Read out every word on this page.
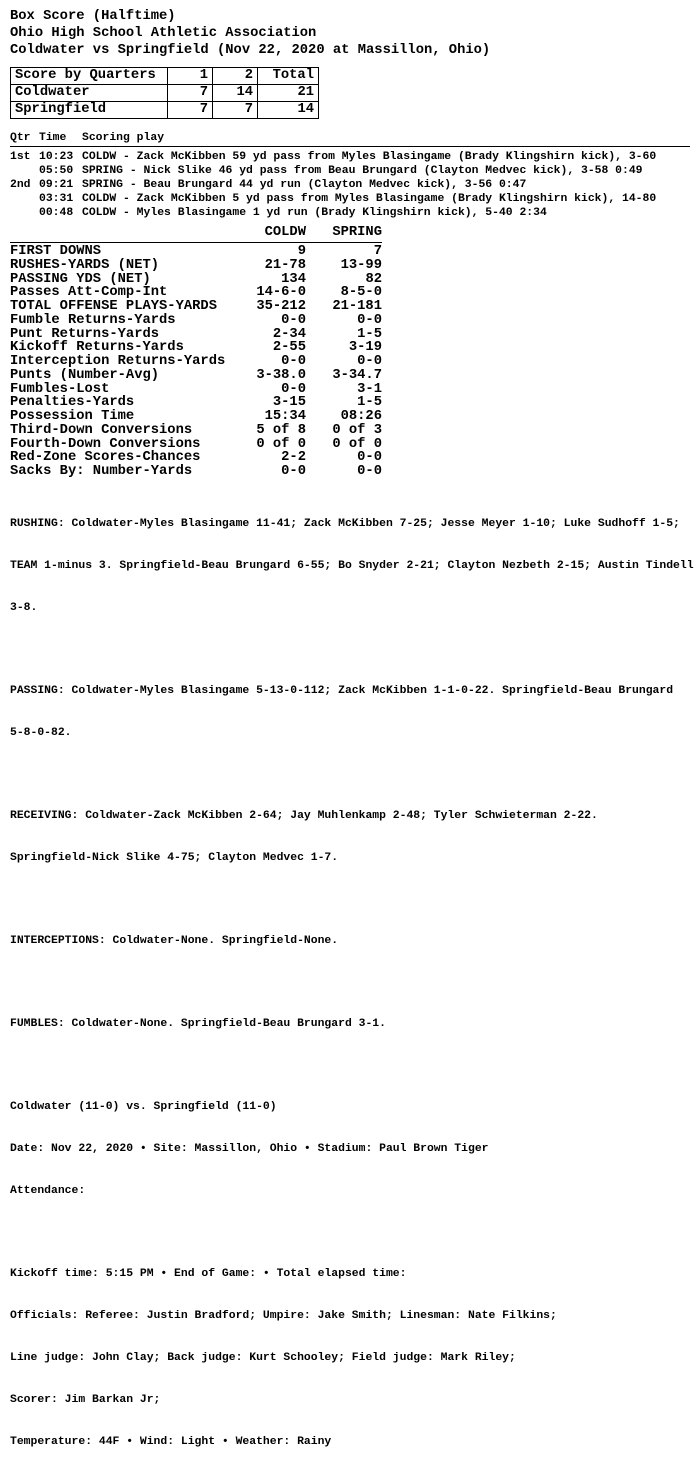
Box Score (Halftime)
Ohio High School Athletic Association
Coldwater vs Springfield (Nov 22, 2020 at Massillon, Ohio)
Score by Quarters	1	2	Total
Coldwater	7	14	21
Springfield	7	7	14
Qtr Time	Scoring play
1st 10:23 COLDW - Zack McKibben 59 yd pass from Myles Blasingame (Brady Klingshirn kick), 3-60
05:50 SPRING - Nick Slike 46 yd pass from Beau Brungard (Clayton Medvec kick), 3-58 0:49
2nd 09:21 SPRING - Beau Brungard 44 yd run (Clayton Medvec kick), 3-56 0:47
03:31 COLDW - Zack McKibben 5 yd pass from Myles Blasingame (Brady Klingshirn kick), 14-80
00:48 COLDW - Myles Blasingame 1 yd run (Brady Klingshirn kick), 5-40 2:34
COLDW	SPRING
FIRST DOWNS	9	7
RUSHES-YARDS (NET)	21-78	13-99
PASSING YDS (NET)	134	82
Passes Att-Comp-Int	14-6-0	8-5-0
TOTAL OFFENSE PLAYS-YARDS	35-212	21-181
Fumble Returns-Yards	0-0	0-0
Punt Returns-Yards	2-34	1-5
Kickoff Returns-Yards	2-55	3-19
Interception Returns-Yards	0-0	0-0
Punts (Number-Avg)	3-38.0	3-34.7
Fumbles-Lost	0-0	3-1
Penalties-Yards	3-15	1-5
Possession Time	15:34	08:26
Third-Down Conversions	5 of 8	0 of 3
Fourth-Down Conversions	0 of 0	0 of 0
Red-Zone Scores-Chances	2-2	0-0
Sacks By: Number-Yards	0-0	0-0

RUSHING: Coldwater-Myles Blasingame 11-41; Zack McKibben 7-25; Jesse Meyer 1-10; Luke Sudhoff 1-5;

TEAM 1-minus 3. Springfield-Beau Brungard 6-55; Bo Snyder 2-21; Clayton Nezbeth 2-15; Austin Tindell

3-8.

PASSING: Coldwater-Myles Blasingame 5-13-0-112; Zack McKibben 1-1-0-22. Springfield-Beau Brungard

5-8-0-82.

RECEIVING: Coldwater-Zack McKibben 2-64; Jay Muhlenkamp 2-48; Tyler Schwieterman 2-22.

Springfield-Nick Slike 4-75; Clayton Medvec 1-7.

INTERCEPTIONS: Coldwater-None. Springfield-None.

FUMBLES: Coldwater-None. Springfield-Beau Brungard 3-1.

Coldwater (11-0) vs. Springfield (11-0)

Date: Nov 22, 2020 • Site: Massillon, Ohio • Stadium: Paul Brown Tiger

Attendance:

Kickoff time: 5:15 PM • End of Game: • Total elapsed time:

Officials: Referee: Justin Bradford; Umpire: Jake Smith; Linesman: Nate Filkins;

Line judge: John Clay; Back judge: Kurt Schooley; Field judge: Mark Riley;

Scorer: Jim Barkan Jr;

Temperature: 44F • Wind: Light • Weather: Rainy
